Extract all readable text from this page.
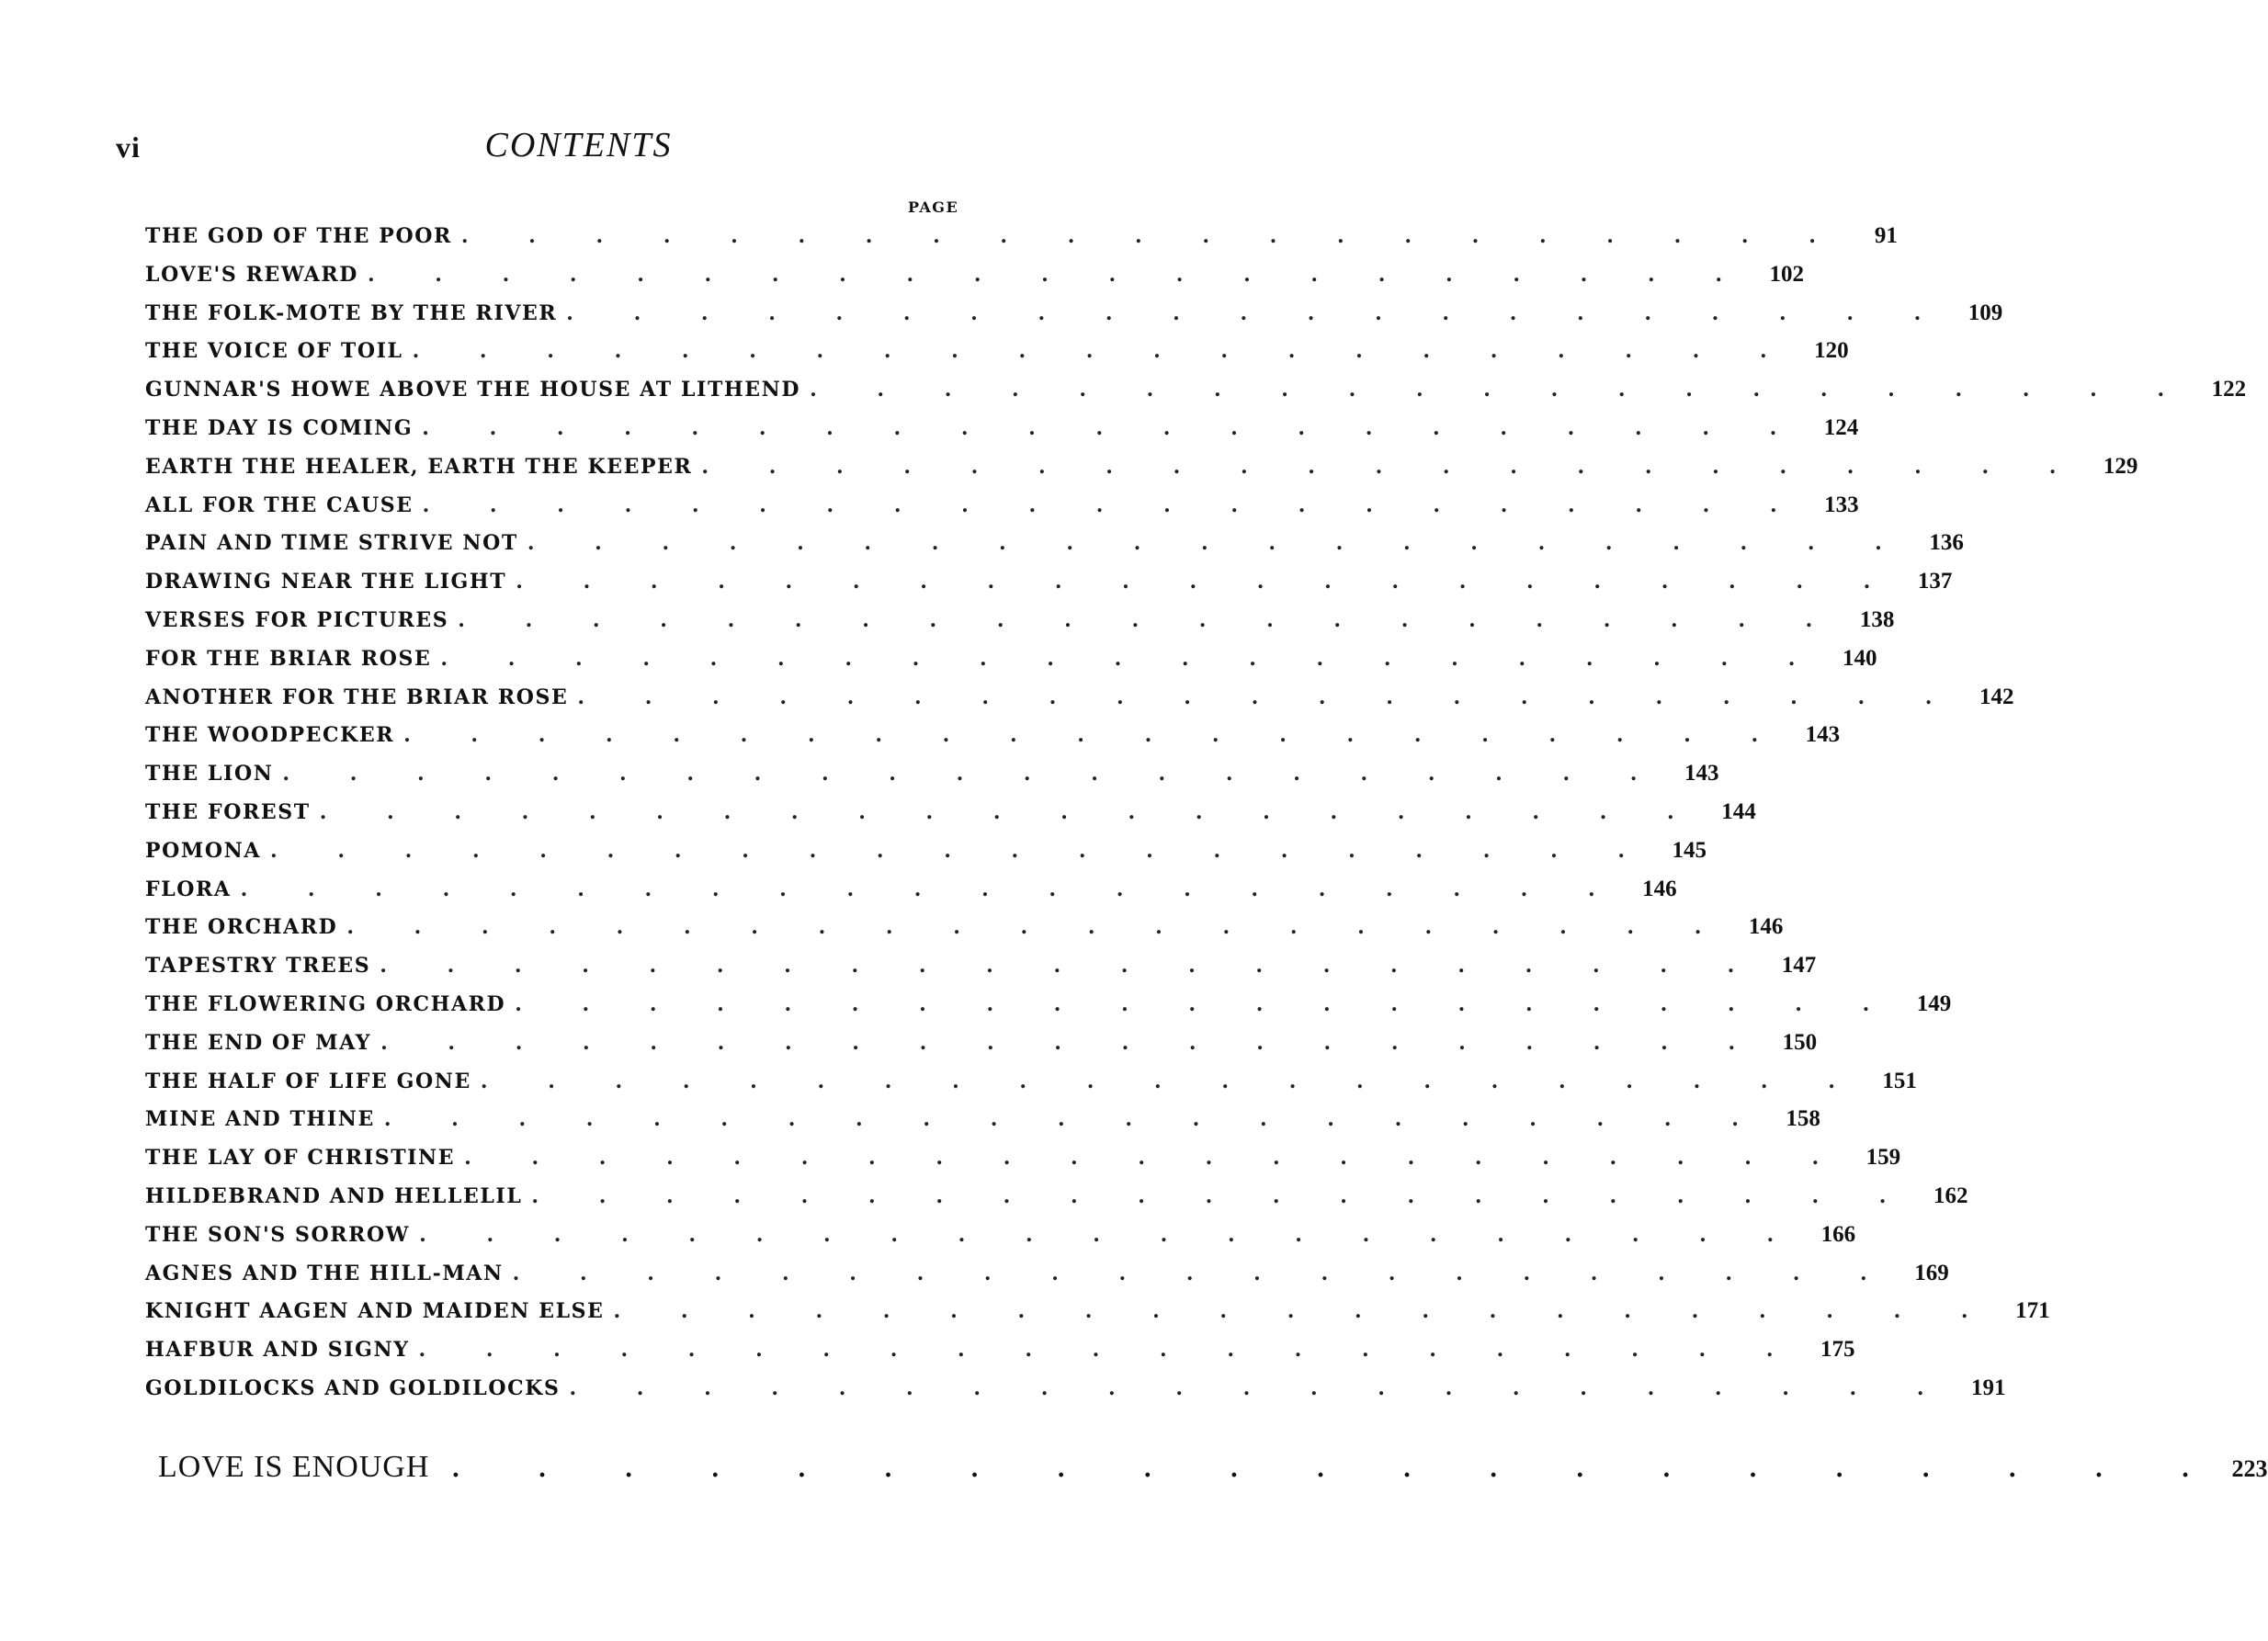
vi	CONTENTS
PAGE
THE GOD OF THE POOR . . . . . . . . . . . . . . . . . . . . .	91
LOVE'S REWARD . . . . . . . . . . . . . . . . . . . . . 102
THE FOLK-MOTE BY THE RIVER . . . . . . . . . . . . . . . . . . . . . 109
THE VOICE OF TOIL . . . . . . . . . . . . . . . . . . . . . 120
GUNNAR'S HOWE ABOVE THE HOUSE AT LITHEND . . . . . . . . . . . . . . . . . . . . . 122
THE DAY IS COMING . . . . . . . . . . . . . . . . . . . . . 124
EARTH THE HEALER, EARTH THE KEEPER . . . . . . . . . . . . . . . . . . . . . 129
ALL FOR THE CAUSE . . . . . . . . . . . . . . . . . . . . . 133
PAIN AND TIME STRIVE NOT . . . . . . . . . . . . . . . . . . . . . 136
DRAWING NEAR THE LIGHT . . . . . . . . . . . . . . . . . . . . . 137
VERSES FOR PICTURES . . . . . . . . . . . . . . . . . . . . . 138
FOR THE BRIAR ROSE . . . . . . . . . . . . . . . . . . . . . 140
ANOTHER FOR THE BRIAR ROSE . . . . . . . . . . . . . . . . . . . . . 142
THE WOODPECKER . . . . . . . . . . . . . . . . . . . . . 143
THE LION . . . . . . . . . . . . . . . . . . . . . 143
THE FOREST . . . . . . . . . . . . . . . . . . . . . 144
POMONA . . . . . . . . . . . . . . . . . . . . . 145
FLORA . . . . . . . . . . . . . . . . . . . . . 146
THE ORCHARD . . . . . . . . . . . . . . . . . . . . . 146
TAPESTRY TREES . . . . . . . . . . . . . . . . . . . . . 147
THE FLOWERING ORCHARD . . . . . . . . . . . . . . . . . . . . . 149
THE END OF MAY . . . . . . . . . . . . . . . . . . . . . 150
THE HALF OF LIFE GONE . . . . . . . . . . . . . . . . . . . . . 151
MINE AND THINE . . . . . . . . . . . . . . . . . . . . . 158
THE LAY OF CHRISTINE . . . . . . . . . . . . . . . . . . . . . 159
HILDEBRAND AND HELLELIL . . . . . . . . . . . . . . . . . . . . . 162
THE SON'S SORROW . . . . . . . . . . . . . . . . . . . . . 166
AGNES AND THE HILL-MAN . . . . . . . . . . . . . . . . . . . . . 169
KNIGHT AAGEN AND MAIDEN ELSE . . . . . . . . . . . . . . . . . . . . . 171
HAFBUR AND SIGNY . . . . . . . . . . . . . . . . . . . . . 175
GOLDILOCKS AND GOLDILOCKS . . . . . . . . . . . . . . . . . . . . . 191
LOVE IS ENOUGH . . . . . . . . . . . . . . . . . . . . . 223
